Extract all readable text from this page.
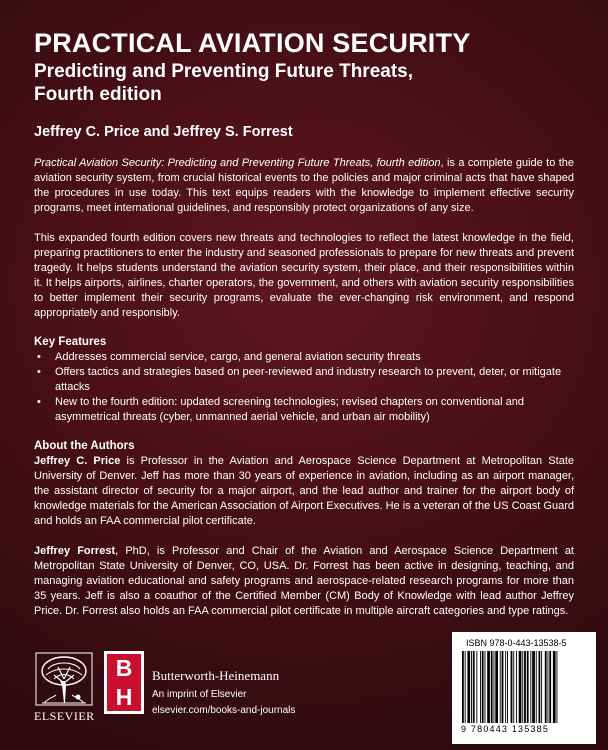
PRACTICAL AVIATION SECURITY
Predicting and Preventing Future Threats,
Fourth edition
Jeffrey C. Price and Jeffrey S. Forrest

Practical Aviation Security: Predicting and Preventing Future Threats, fourth edition, is a complete guide to the aviation security system, from crucial historical events to the policies and major criminal acts that have shaped the procedures in use today. This text equips readers with the knowledge to implement effective security programs, meet international guidelines, and responsibly protect organizations of any size.

This expanded fourth edition covers new threats and technologies to reflect the latest knowledge in the field, preparing practitioners to enter the industry and seasoned professionals to prepare for new threats and prevent tragedy. It helps students understand the aviation security system, their place, and their responsibilities within it. It helps airports, airlines, charter operators, the government, and others with aviation security responsibilities to better implement their security programs, evaluate the ever-changing risk environment, and respond appropriately and responsibly.

Key Features
• Addresses commercial service, cargo, and general aviation security threats
• Offers tactics and strategies based on peer-reviewed and industry research to prevent, deter, or mitigate attacks
• New to the fourth edition: updated screening technologies; revised chapters on conventional and asymmetrical threats (cyber, unmanned aerial vehicle, and urban air mobility)
About the Authors

Jeffrey C. Price is Professor in the Aviation and Aerospace Science Department at Metropolitan State University of Denver. Jeff has more than 30 years of experience in aviation, including as an airport manager, the assistant director of security for a major airport, and the lead author and trainer for the airport body of knowledge materials for the American Association of Airport Executives. He is a veteran of the US Coast Guard and holds an FAA commercial pilot certificate.

Jeffrey Forrest, PhD, is Professor and Chair of the Aviation and Aerospace Science Department at Metropolitan State University of Denver, CO, USA. Dr. Forrest has been active in designing, teaching, and managing aviation educational and safety programs and aerospace-related research programs for more than 35 years. Jeff is also a coauthor of the Certified Member (CM) Body of Knowledge with lead author Jeffrey Price. Dr. Forrest also holds an FAA commercial pilot certificate in multiple aircraft categories and type ratings.

ELSEVIER
B
H
Butterworth-Heinemann
An imprint of Elsevier
elsevier.com/books-and-journals
ISBN 978-0-443-13538-5
9 780443 135385
